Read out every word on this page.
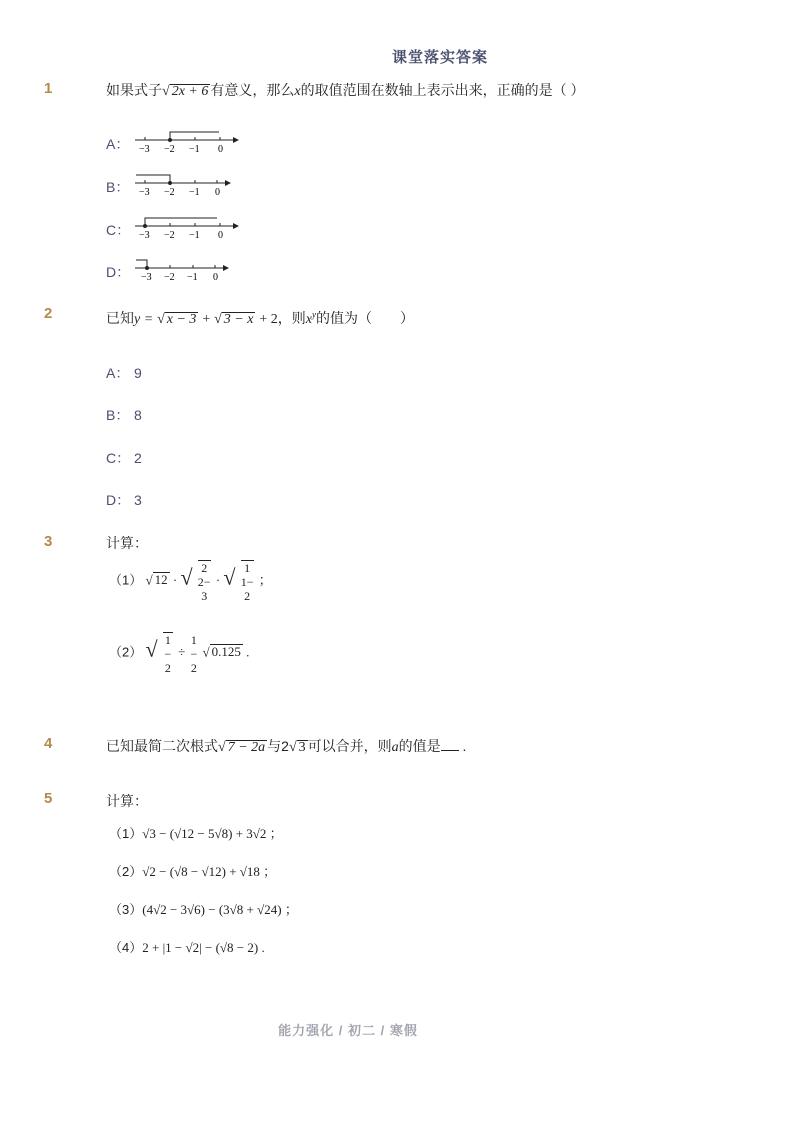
课堂落实答案
1	如果式子√ 2x + 6 有意义，那么x的取值范围在数轴上表示出来，正确的是（ ）
A： −3 −2 −1 0
B： −3 −2 −1 0
C： −3 −2 −1 0
D：	−3 −2 −1 0
2	已知y = √ x − 3 + √ 3 − x + 2，则$x^y$的值为（　　）
A： 9
B： 8
C： 2
D： 3
3	计算：
（1） √ 12 · √ 2
2−
3
· √ 1
1−
2
；
（2） √ 1
−
2
÷
1
−
2
√ 0.125 .
4	已知最简二次根式√ 7 − 2a 与2√ 3 可以合并，则a的值是 .
5	计算：
（1）√3 − (√12 − 5√8) + 3√2 ；
（2）√2 − (√8 − √12) + √18 ；
（3）(4√2 − 3√6) − (3√8 + √24) ；
（4）2 + |1 − √2| − (√8 − 2) .
能力强化 / 初二 / 寒假
